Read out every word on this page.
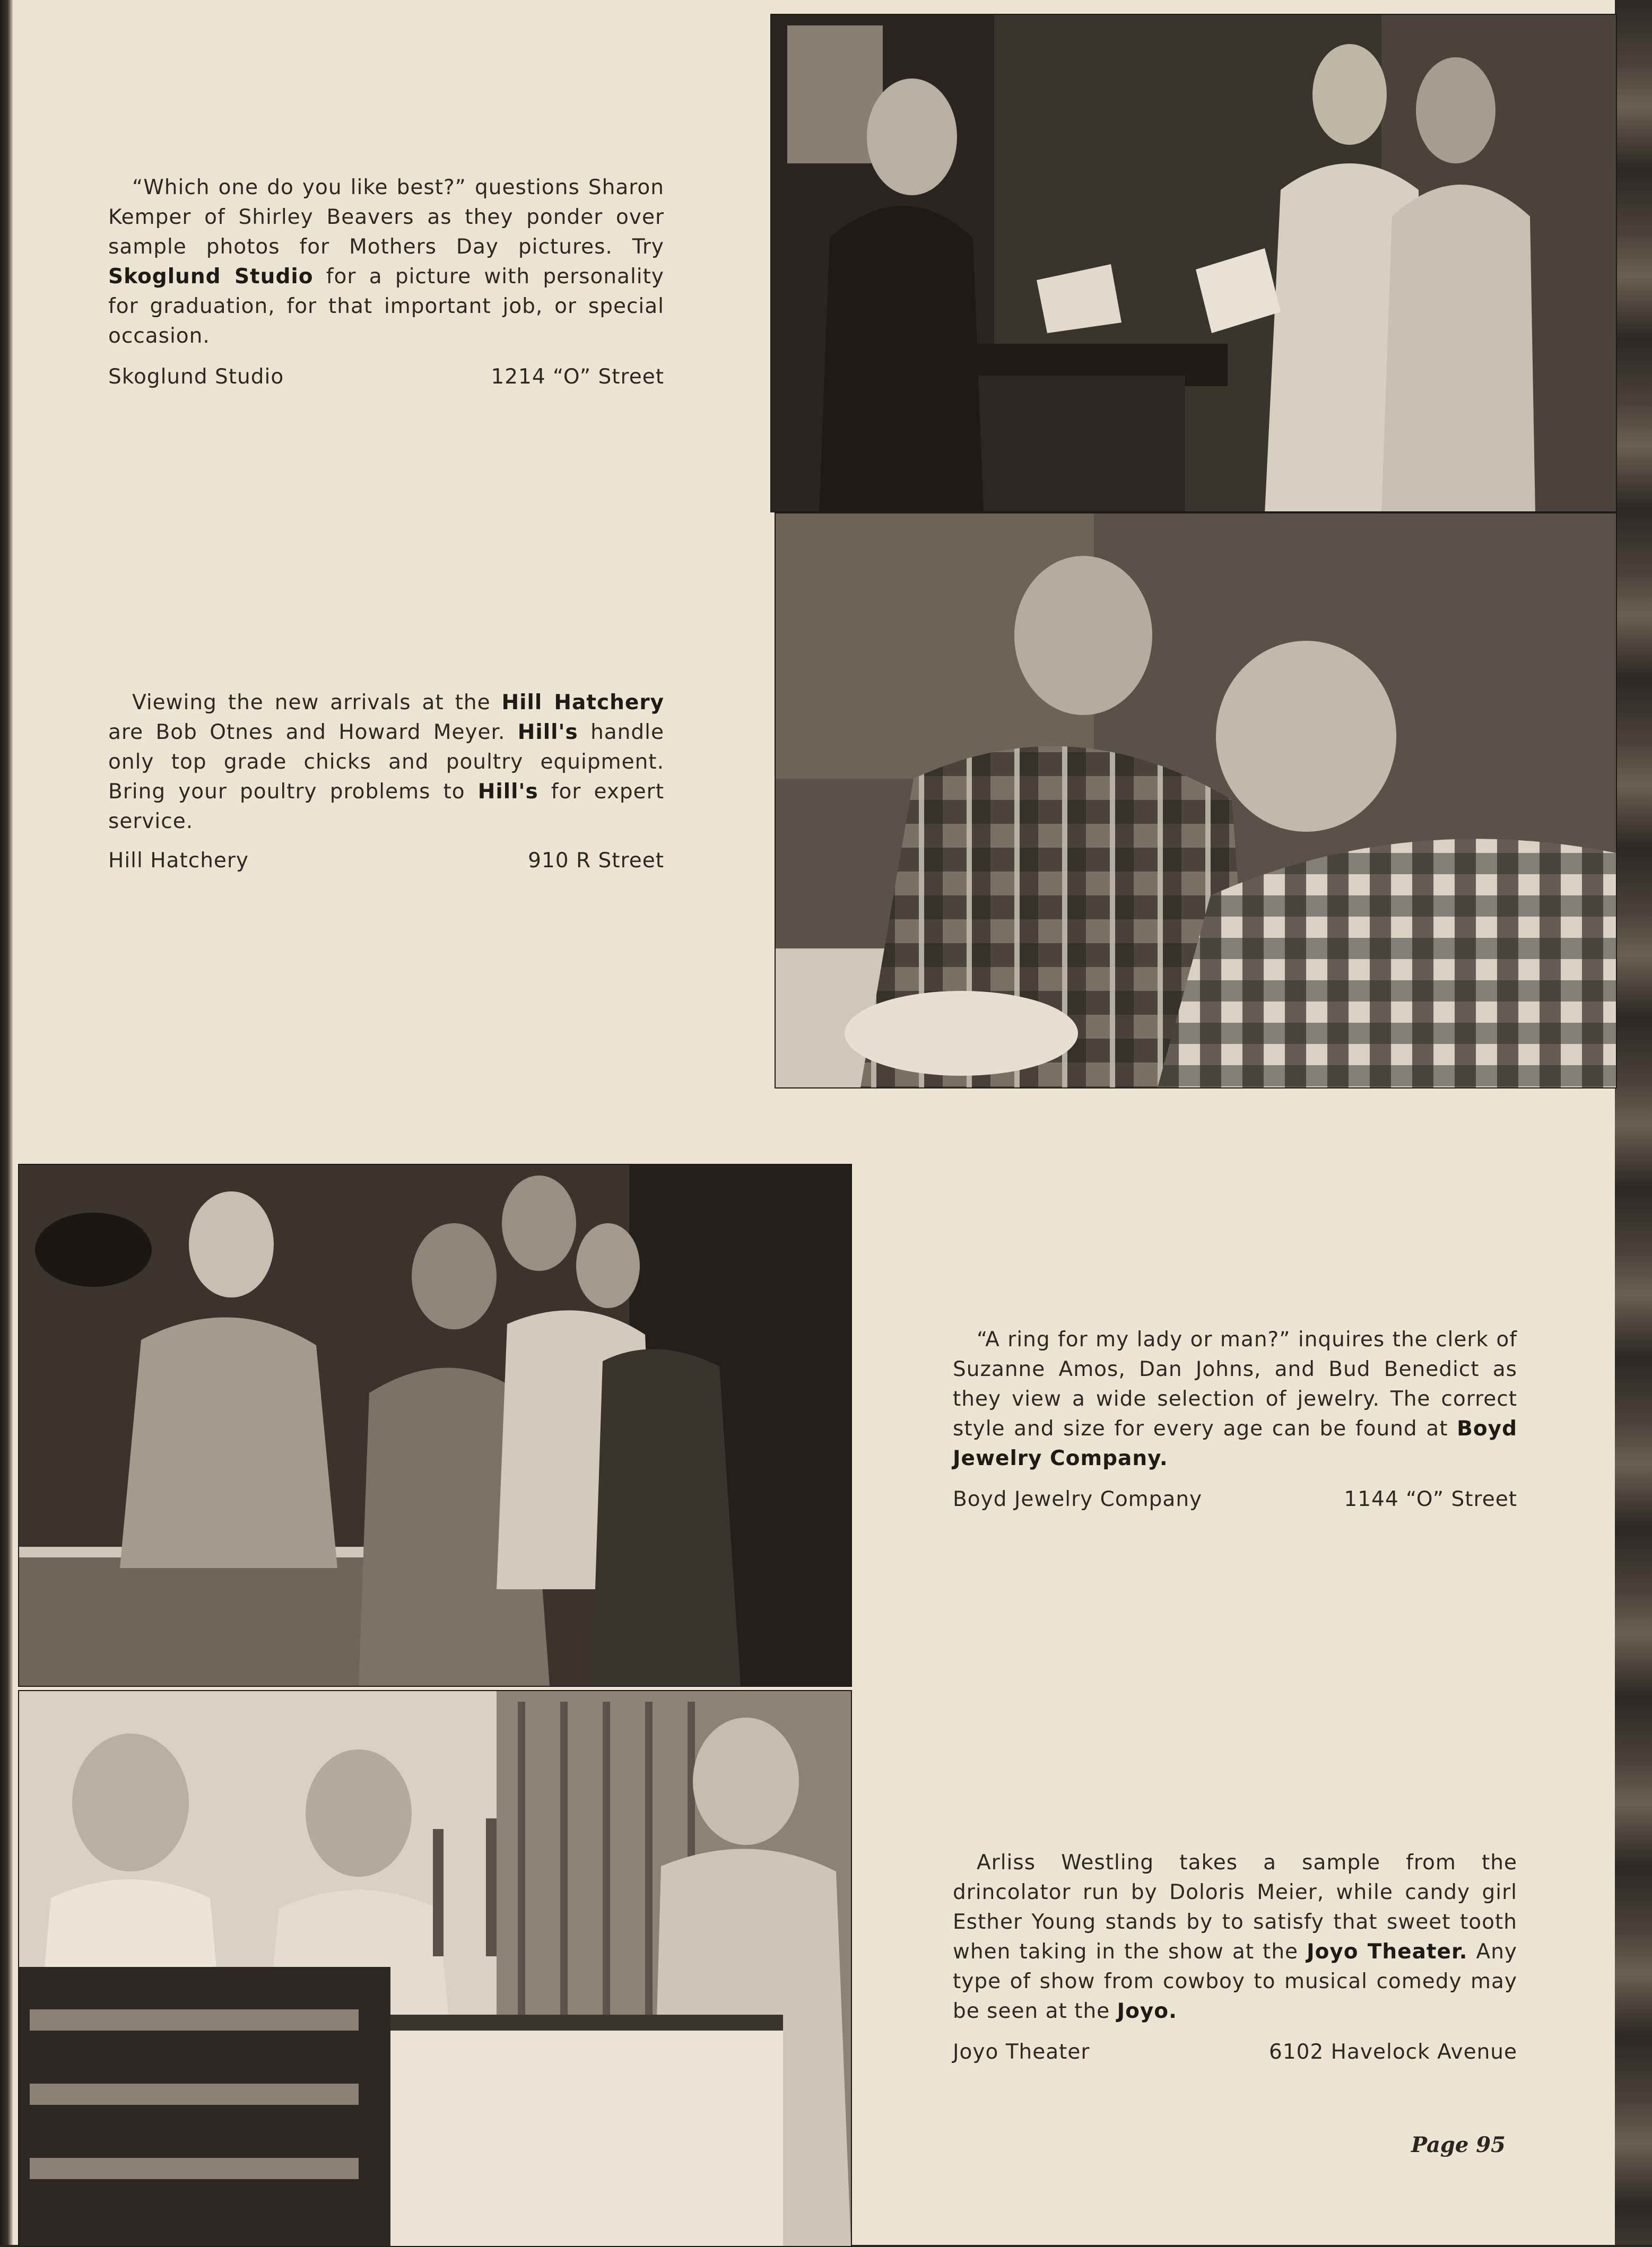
“Which one do you like best?” questions Sharon Kemper of Shirley Beavers as they ponder over sample photos for Mothers Day pictures. Try Skoglund Studio for a picture with personality for graduation, for that important job, or special occasion.

Skoglund Studio	1214 “O” Street

Viewing the new arrivals at the Hill Hatchery are Bob Otnes and Howard Meyer. Hill's handle only top grade chicks and poultry equipment. Bring your poultry problems to Hill's for expert service.

Hill Hatchery	910 R Street

“A ring for my lady or man?” inquires the clerk of Suzanne Amos, Dan Johns, and Bud Benedict as they view a wide selection of jewelry. The correct style and size for every age can be found at Boyd Jewelry Company.

Boyd Jewelry Company	1144 “O” Street

Arliss Westling takes a sample from the drincolator run by Doloris Meier, while candy girl Esther Young stands by to satisfy that sweet tooth when taking in the show at the Joyo Theater. Any type of show from cowboy to musical comedy may be seen at the Joyo.

Joyo Theater	6102 Havelock Avenue
Page 95
